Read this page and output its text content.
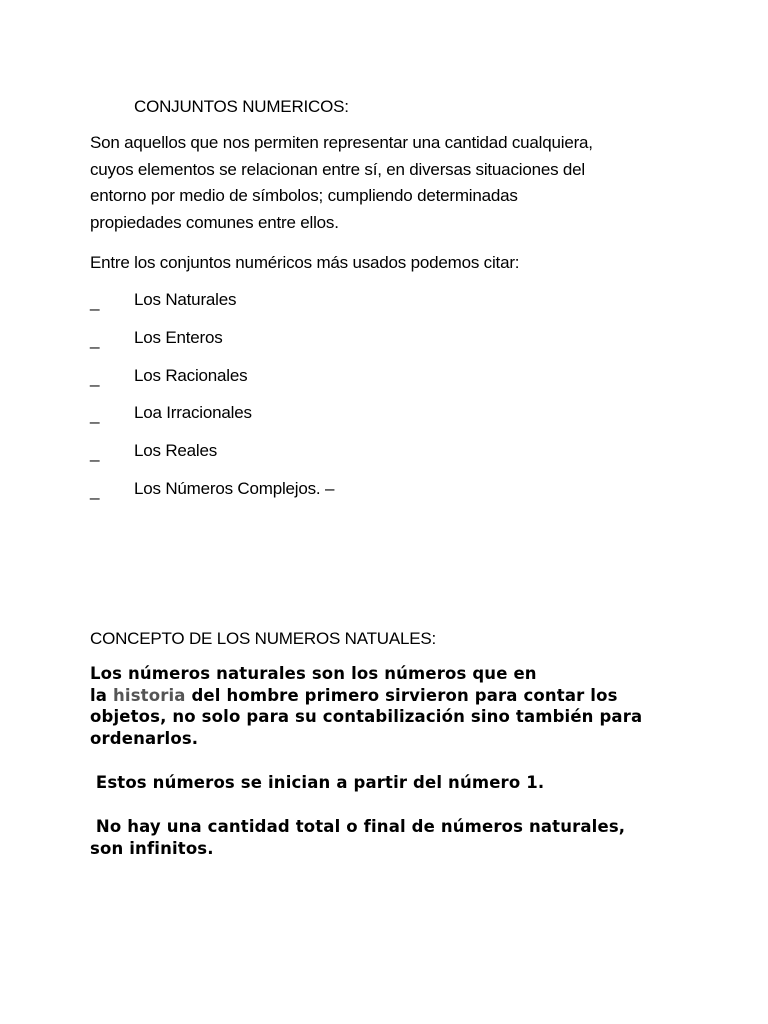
CONJUNTOS NUMERICOS:

Son aquellos que nos permiten representar una cantidad cualquiera,
cuyos elementos se relacionan entre sí, en diversas situaciones del
entorno por medio de símbolos; cumpliendo determinadas
propiedades comunes entre ellos.

Entre los conjuntos numéricos más usados podemos citar:

_ Los Naturales
_ Los Enteros
_ Los Racionales
_ Loa Irracionales
_ Los Reales
_ Los Números Complejos. –
CONCEPTO DE LOS NUMEROS NATUALES:

Los números naturales son los números que en
la historia del hombre primero sirvieron para contar los
objetos, no solo para su contabilización sino también para
ordenarlos.

Estos números se inician a partir del número 1.

No hay una cantidad total o final de números naturales,
son infinitos.
